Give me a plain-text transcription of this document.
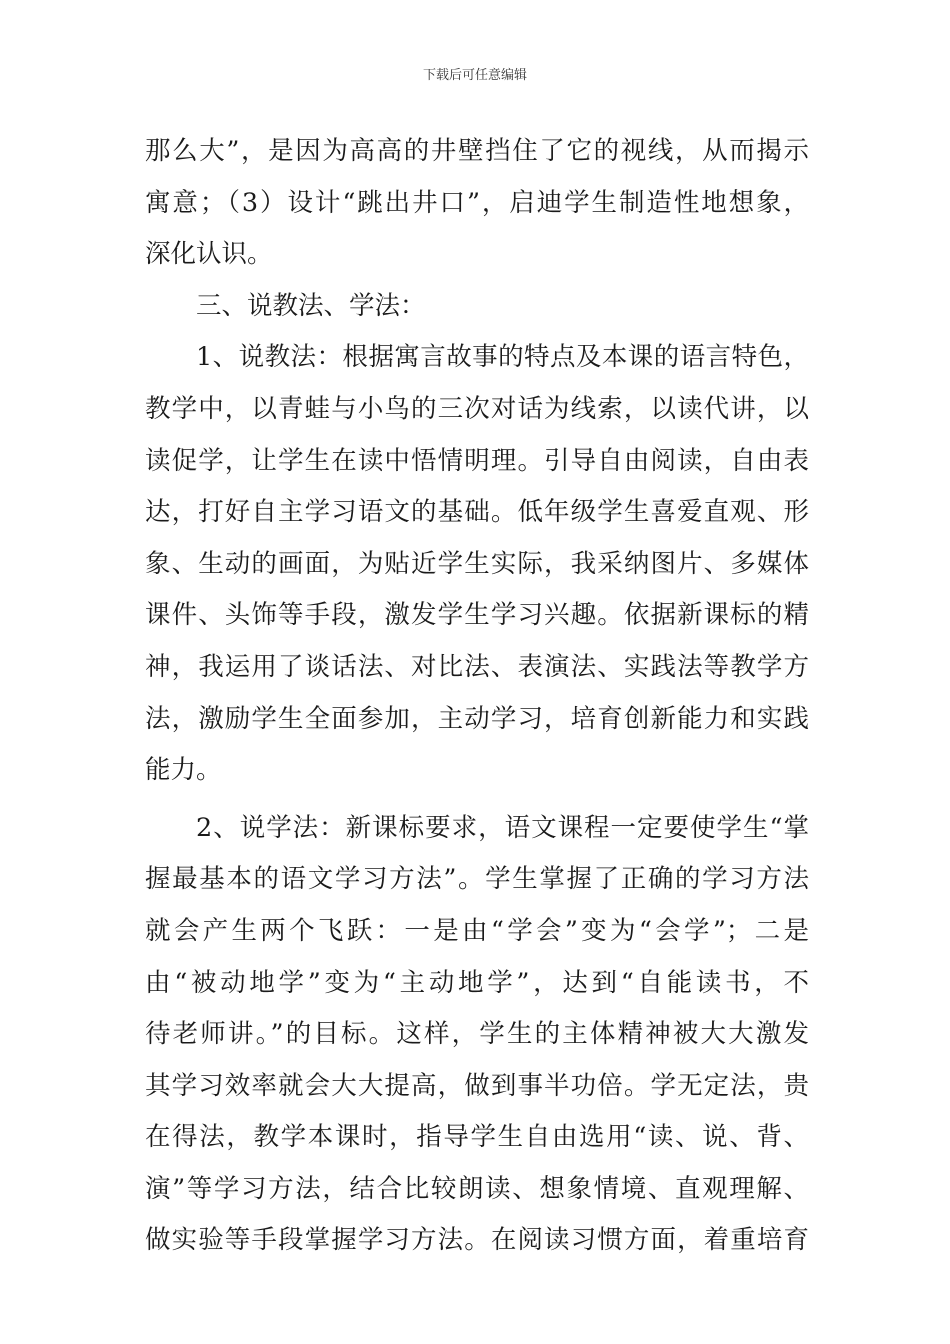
下载后可任意编辑
那么大”，是因为高高的井壁挡住了它的视线，从而揭示
寓意；（3）设计“跳出井口”，启迪学生制造性地想象，
深化认识。
三、说教法、学法：
1、说教法：根据寓言故事的特点及本课的语言特色，
教学中，以青蛙与小鸟的三次对话为线索，以读代讲，以
读促学，让学生在读中悟情明理。引导自由阅读，自由表
达，打好自主学习语文的基础。低年级学生喜爱直观、形
象、生动的画面，为贴近学生实际，我采纳图片、多媒体
课件、头饰等手段，激发学生学习兴趣。依据新课标的精
神，我运用了谈话法、对比法、表演法、实践法等教学方
法，激励学生全面参加，主动学习，培育创新能力和实践
能力。
2、说学法：新课标要求，语文课程一定要使学生“掌
握最基本的语文学习方法”。学生掌握了正确的学习方法
就会产生两个飞跃：一是由“学会”变为“会学”；二是
由“被动地学”变为“主动地学”，达到“自能读书，不
待老师讲。”的目标。这样，学生的主体精神被大大激发
其学习效率就会大大提高，做到事半功倍。学无定法，贵
在得法，教学本课时，指导学生自由选用“读、说、背、
演”等学习方法，结合比较朗读、想象情境、直观理解、
做实验等手段掌握学习方法。在阅读习惯方面，着重培育
